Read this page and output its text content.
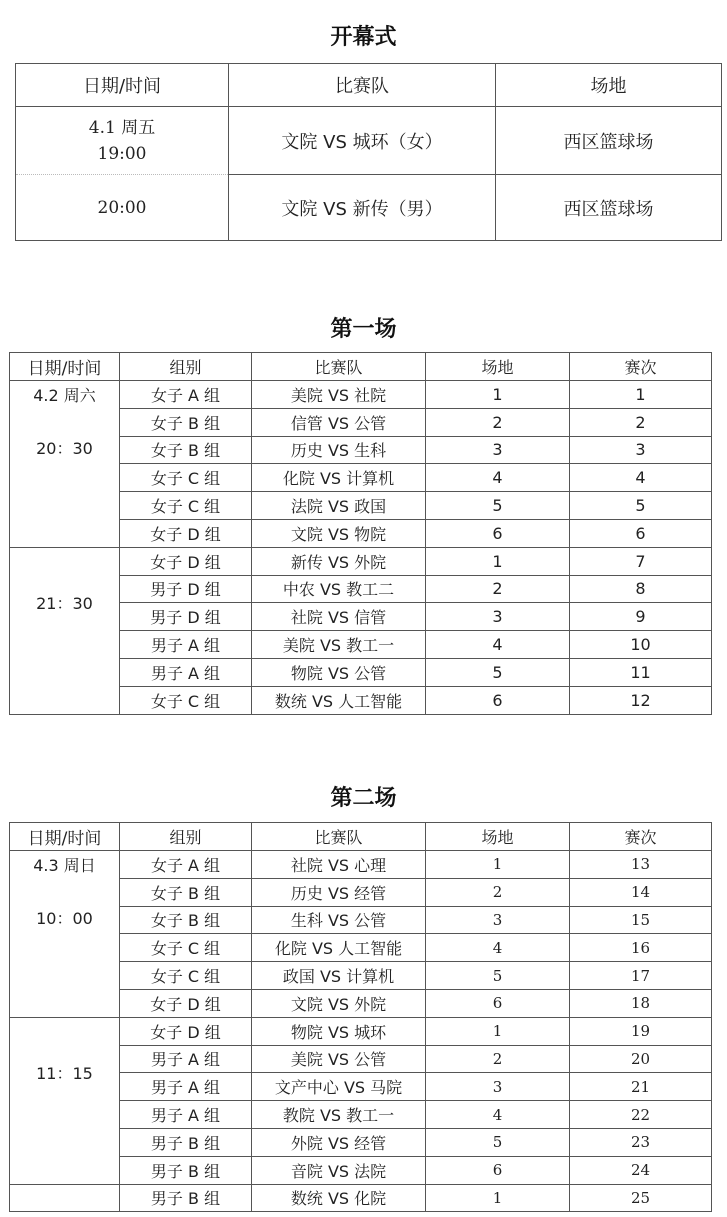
开幕式
日期/时间	比赛队	场地

4.1 周五
19:00	文院 VS 城环（女）	西区篮球场
20:00	文院 VS 新传（男）	西区篮球场
第一场
日期/时间	组别	比赛队	场地	赛次

4.2 周六
20：30	女子 A 组	美院 VS 社院	1	1
	女子 B 组	信管 VS 公管	2	2
	女子 B 组	历史 VS 生科	3	3
	女子 C 组	化院 VS 计算机	4	4
	女子 C 组	法院 VS 政国	5	5
	女子 D 组	文院 VS 物院	6	6

21：30	女子 D 组	新传 VS 外院	1	7
	男子 D 组	中农 VS 教工二	2	8
	男子 D 组	社院 VS 信管	3	9
	男子 A 组	美院 VS 教工一	4	10
	男子 A 组	物院 VS 公管	5	11
	女子 C 组	数统 VS 人工智能	6	12
第二场
日期/时间	组别	比赛队	场地	赛次

4.3 周日
10：00	女子 A 组	社院 VS 心理	1	13
	女子 B 组	历史 VS 经管	2	14
	女子 B 组	生科 VS 公管	3	15
	女子 C 组	化院 VS 人工智能	4	16
	女子 C 组	政国 VS 计算机	5	17
	女子 D 组	文院 VS 外院	6	18

11：15	女子 D 组	物院 VS 城环	1	19
	男子 A 组	美院 VS 公管	2	20
	男子 A 组	文产中心 VS 马院	3	21
	男子 A 组	教院 VS 教工一	4	22
	男子 B 组	外院 VS 经管	5	23
	男子 B 组	音院 VS 法院	6	24
	男子 B 组	数统 VS 化院	1	25
